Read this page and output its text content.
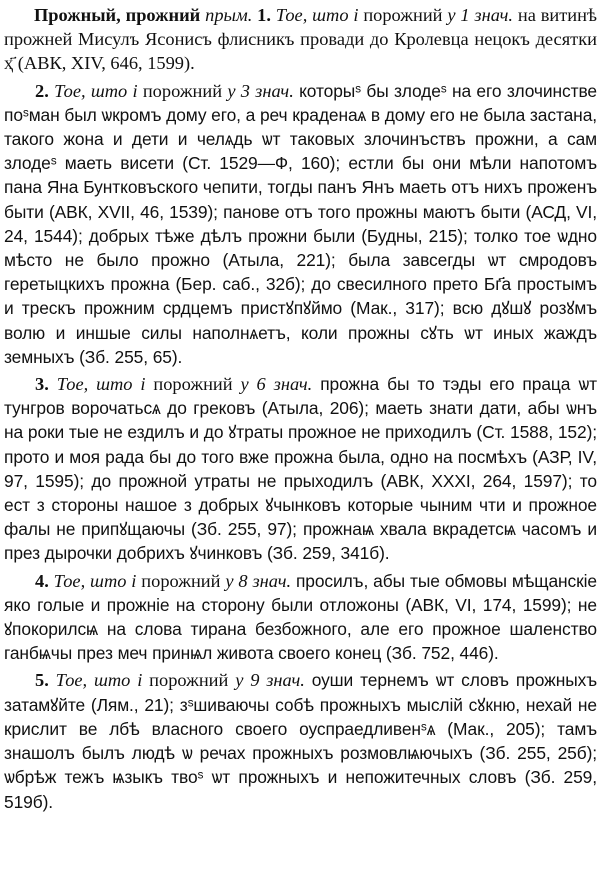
Прожный, прожний прым. 1. Тое, што і порожний у 1 знач. на витинѣ прожней Мисулъ Ясонисъ флисникъ провади до Кролевца нецокъ десятки ҳ҃ (АВК, XIV, 646, 1599).

2. Тое, што і порожний у 3 знач. которыˢ бы злодеˢ на его злочинстве поˢман был ѡкромъ дому его, а реч краденаѧ в дому его не была застана, такого жона и дети и челѧдь ѡт таковых злочинъствъ прожни, а сам злодеˢ маеть висети (Ст. 1529—Ф, 160); естли бы они мѣли напотомъ пана Яна Бунтковъского чепити, тогды панъ Янъ маеть отъ нихъ проженъ быти (АВК, XVII, 46, 1539); панове отъ того прожны маютъ быти (АСД, VI, 24, 1544); добрых тѣже дѣлъ прожни были (Будны, 215); толко тое ѡдно мѣсто не было прожно (Атыла, 221); была завсегды ѡт смродовъ геретыцкихъ прожна (Бер. саб., 32б); до свесилного прето Бг҃а простымъ и трескъ прожним срдцемъ пристꙋпꙋймо (Мак., 317); всю дꙋшꙋ розꙋмъ волю и иншые силы наполнѧетъ, коли прожны сꙋть ѡт иных жаждъ земныхъ (Зб. 255, 65).

3. Тое, што і порожний у 6 знач. прожна бы то тэды его праца ѡт тунгров ворочатьсѧ до грековъ (Атыла, 206); маеть знати дати, абы ѡнъ на роки тые не ездилъ и до ꙋтраты прожное не приходилъ (Ст. 1588, 152); прото и моя рада бы до того вже прожна была, одно на посмѣхъ (АЗР, IV, 97, 1595); до прожной утраты не прыходилъ (АВК, XXXI, 264, 1597); то ест з стороны нашое з добрых ꙋчынковъ которые чыним чти и прожное фалы не припꙋщаючы (Зб. 255, 97); прожнаѩ хвала вкрадетсѩ часомъ и през дырочки добрихъ ꙋчинковъ (Зб. 259, 341б).

4. Тое, што і порожний у 8 знач. просилъ, абы тые обмовы мѣщанскіе яко голые и прожніе на сторону были отложоны (АВК, VI, 174, 1599); не ꙋпокорилсѩ на слова тирана безбожного, але его прожное шаленство ганбѩчы през меч принѩл живота своего конец (Зб. 752, 446).

5. Тое, што і порожний у 9 знач. оуши тернемъ ѡт словъ прожныхъ затамꙋйте (Лям., 21); зˢшиваючы собѣ прожныхъ мыслій сꙋкню, нехай не крислит ве лбѣ власного своего оуспраедливенˢѧ (Мак., 205); тамъ знашолъ былъ людѣ ѡ речах прожныхъ розмовлѩючыхъ (Зб. 255, 25б); ѡбрѣж тежъ ѩзыкъ твоˢ ѡт прожныхъ и непожитечных словъ (Зб. 259, 519б).
